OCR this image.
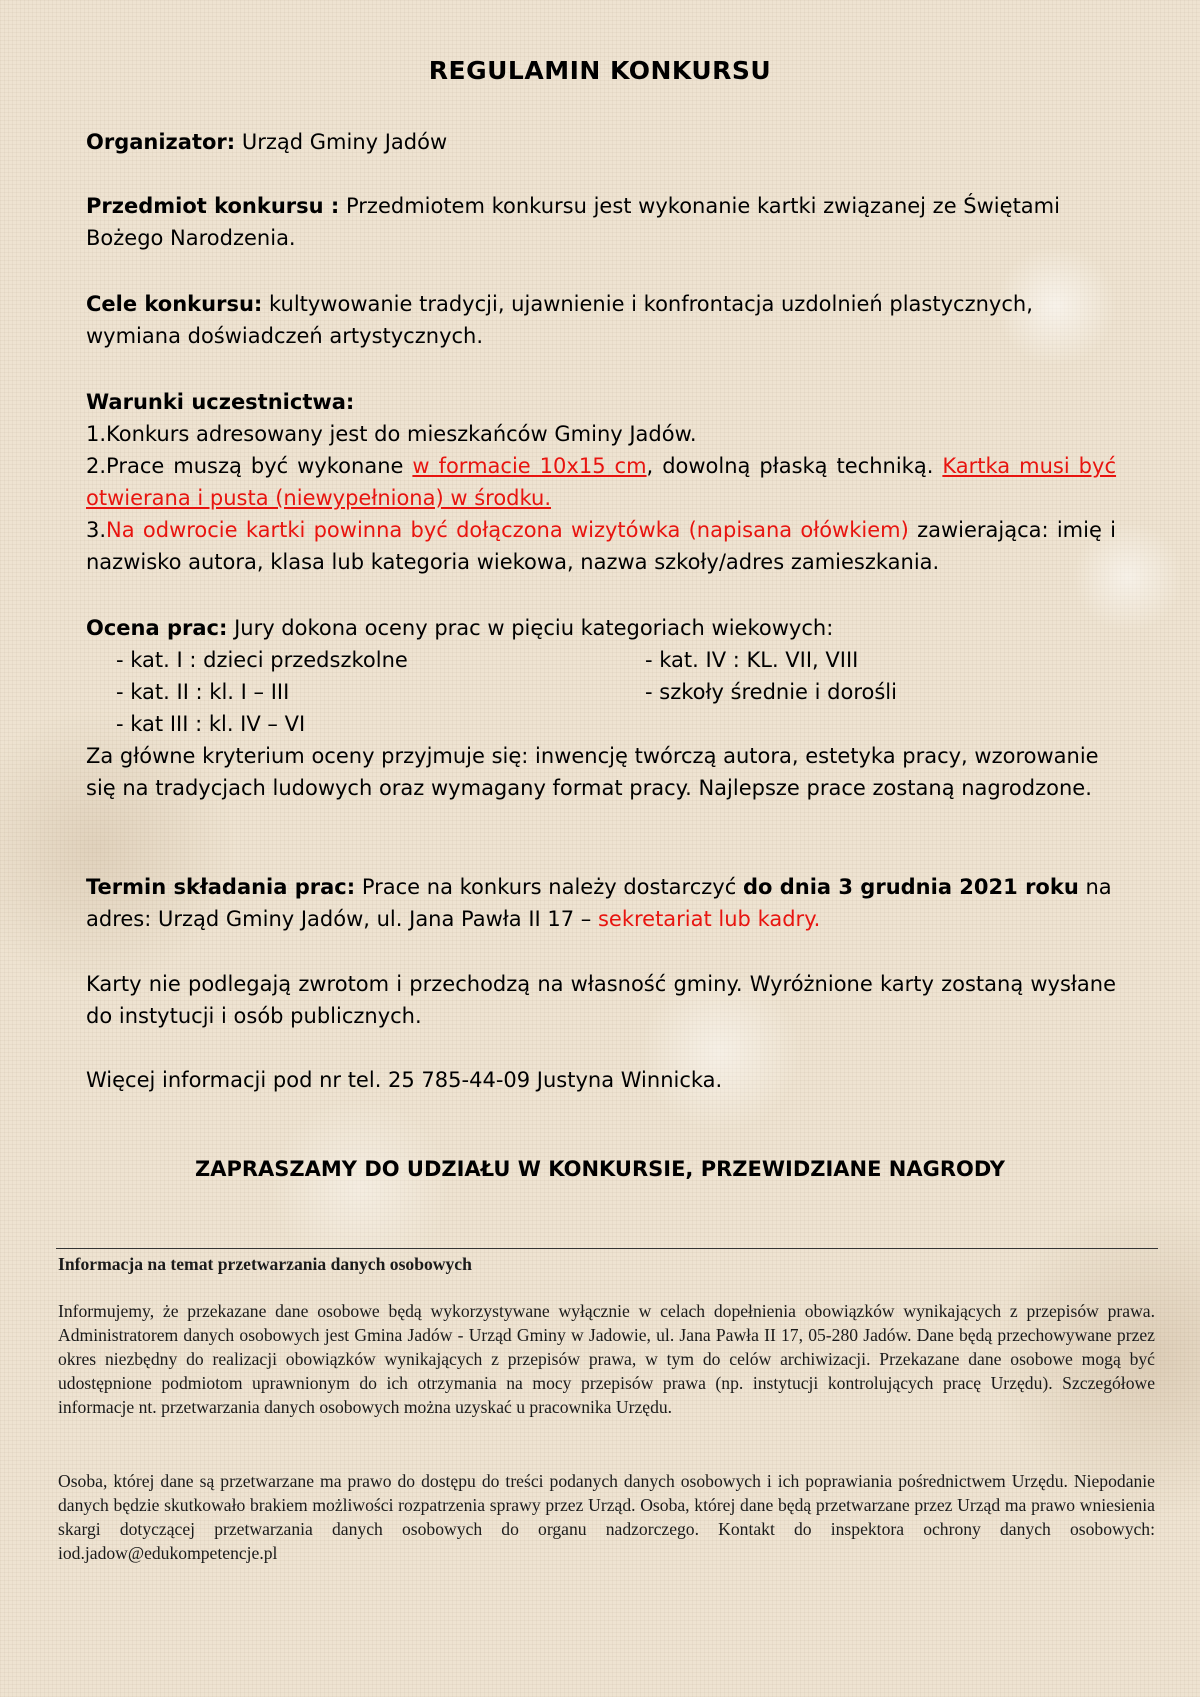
REGULAMIN KONKURSU
Organizator: Urząd Gminy Jadów
Przedmiot konkursu : Przedmiotem konkursu jest wykonanie kartki związanej ze Świętami Bożego Narodzenia.
Cele konkursu: kultywowanie tradycji, ujawnienie i konfrontacja uzdolnień plastycznych, wymiana doświadczeń artystycznych.
Warunki uczestnictwa:
1.Konkurs adresowany jest do mieszkańców Gminy Jadów.
2.Prace muszą być wykonane w formacie 10x15 cm, dowolną płaską techniką. Kartka musi być otwierana i pusta (niewypełniona) w środku.
3.Na odwrocie kartki powinna być dołączona wizytówka (napisana ołówkiem) zawierająca: imię i nazwisko autora, klasa lub kategoria wiekowa, nazwa szkoły/adres zamieszkania.
Ocena prac: Jury dokona oceny prac w pięciu kategoriach wiekowych:
- kat. I : dzieci przedszkolne	- kat. IV : KL. VII, VIII
- kat. II : kl. I – III	- szkoły średnie i dorośli
- kat III : kl. IV – VI
Za główne kryterium oceny przyjmuje się: inwencję twórczą autora, estetyka pracy, wzorowanie się na tradycjach ludowych oraz wymagany format pracy. Najlepsze prace zostaną nagrodzone.
Termin składania prac: Prace na konkurs należy dostarczyć do dnia 3 grudnia 2021 roku na adres: Urząd Gminy Jadów, ul. Jana Pawła II 17 – sekretariat lub kadry.
Karty nie podlegają zwrotom i przechodzą na własność gminy. Wyróżnione karty zostaną wysłane do instytucji i osób publicznych.
Więcej informacji pod nr tel. 25 785-44-09 Justyna Winnicka.
ZAPRASZAMY DO UDZIAŁU W KONKURSIE, PRZEWIDZIANE NAGRODY
Informacja na temat przetwarzania danych osobowych
Informujemy, że przekazane dane osobowe będą wykorzystywane wyłącznie w celach dopełnienia obowiązków wynikających z przepisów prawa. Administratorem danych osobowych jest Gmina Jadów - Urząd Gminy w Jadowie, ul. Jana Pawła II 17, 05-280 Jadów. Dane będą przechowywane przez okres niezbędny do realizacji obowiązków wynikających z przepisów prawa, w tym do celów archiwizacji. Przekazane dane osobowe mogą być udostępnione podmiotom uprawnionym do ich otrzymania na mocy przepisów prawa (np. instytucji kontrolujących pracę Urzędu). Szczegółowe informacje nt. przetwarzania danych osobowych można uzyskać u pracownika Urzędu.
Osoba, której dane są przetwarzane ma prawo do dostępu do treści podanych danych osobowych i ich poprawiania pośrednictwem Urzędu. Niepodanie danych będzie skutkowało brakiem możliwości rozpatrzenia sprawy przez Urząd. Osoba, której dane będą przetwarzane przez Urząd ma prawo wniesienia skargi dotyczącej przetwarzania danych osobowych do organu nadzorczego. Kontakt do inspektora ochrony danych osobowych: iod.jadow@edukompetencje.pl
